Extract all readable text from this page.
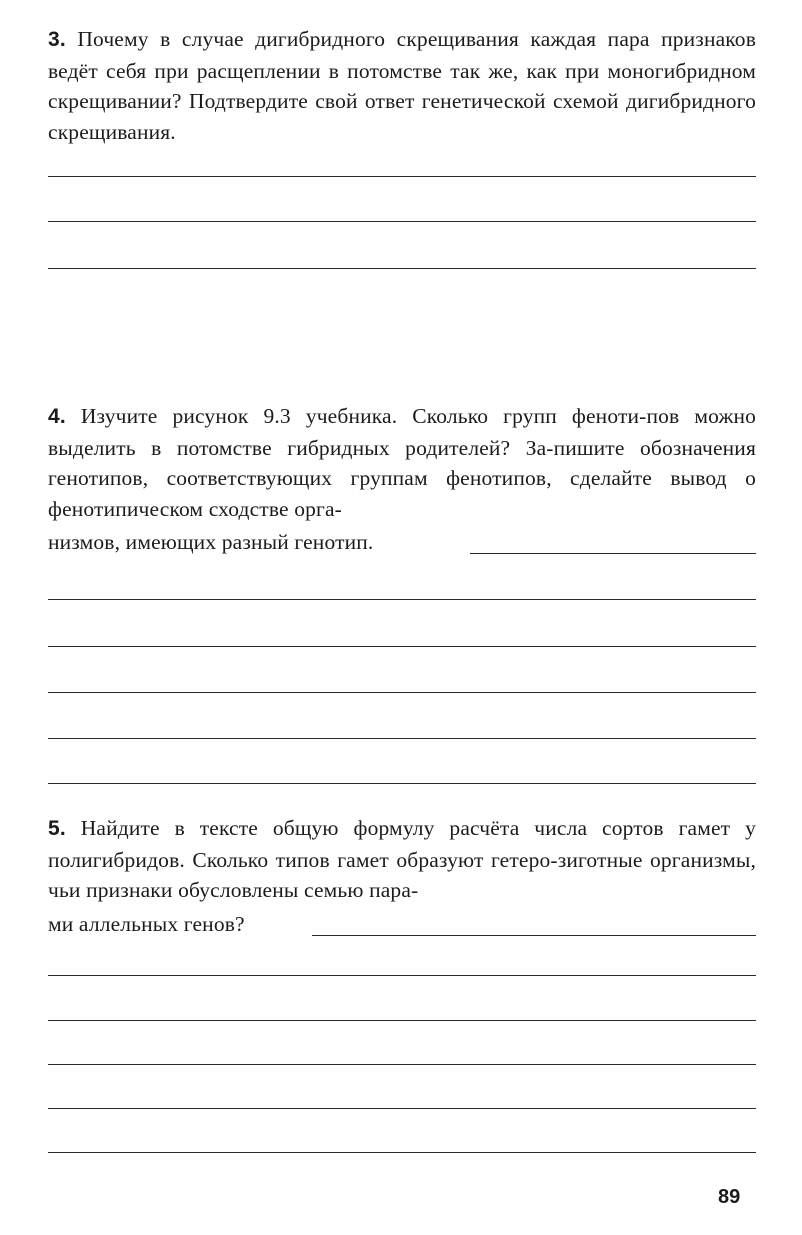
3. Почему в случае дигибридного скрещивания каждая пара признаков ведёт себя при расщеплении в потомстве так же, как при моногибридном скрещивании? Подтвердите свой ответ генетической схемой дигибридного скрещивания.

4. Изучите рисунок 9.3 учебника. Сколько групп феноти-пов можно выделить в потомстве гибридных родителей? За-пишите обозначения генотипов, соответствующих группам фенотипов, сделайте вывод о фенотипическом сходстве орга-

низмов, имеющих разный генотип.

5. Найдите в тексте общую формулу расчёта числа сортов гамет у полигибридов. Сколько типов гамет образуют гетеро-зиготные организмы, чьи признаки обусловлены семью пара-

ми аллельных генов?
89
